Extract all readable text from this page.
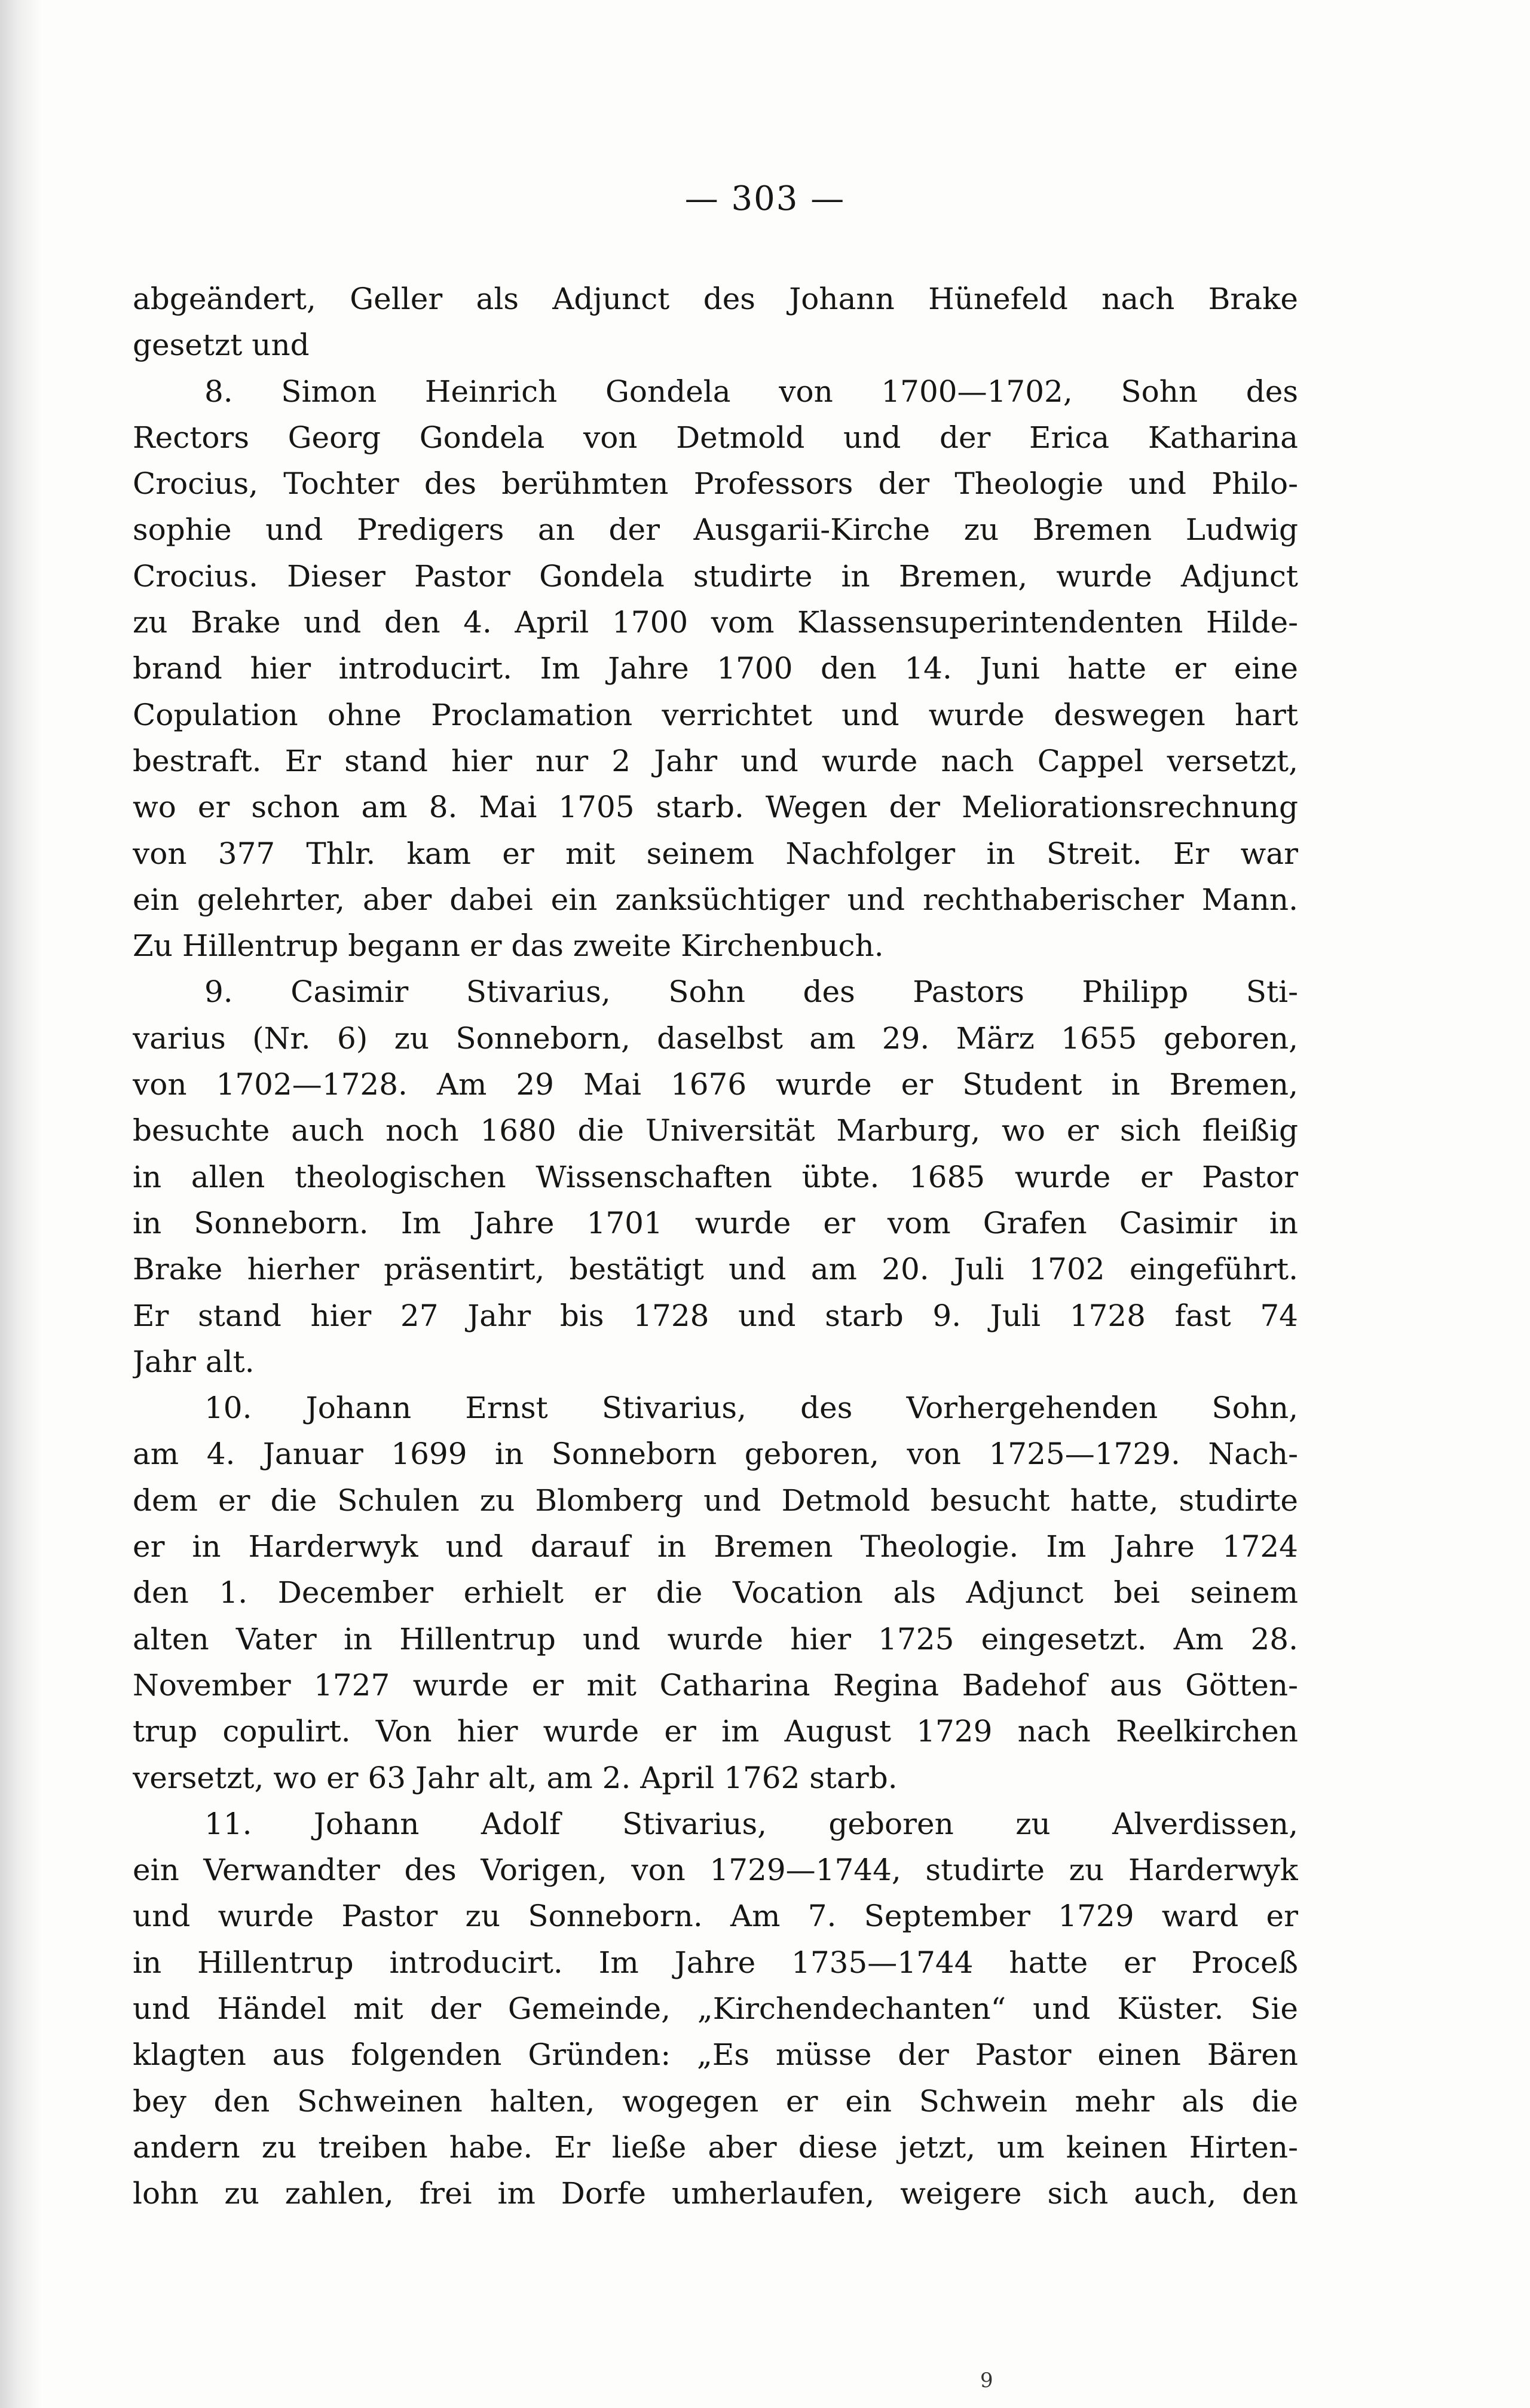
— 303 —
abgeändert, Geller als Adjunct des Johann Hünefeld nach Brake
gesetzt und
8. Simon Heinrich Gondela von 1700—1702, Sohn des
Rectors Georg Gondela von Detmold und der Erica Katharina
Crocius, Tochter des berühmten Professors der Theologie und Philo-
sophie und Predigers an der Ausgarii-Kirche zu Bremen Ludwig
Crocius. Dieser Pastor Gondela studirte in Bremen, wurde Adjunct
zu Brake und den 4. April 1700 vom Klassensuperintendenten Hilde-
brand hier introducirt. Im Jahre 1700 den 14. Juni hatte er eine
Copulation ohne Proclamation verrichtet und wurde deswegen hart
bestraft. Er stand hier nur 2 Jahr und wurde nach Cappel versetzt,
wo er schon am 8. Mai 1705 starb. Wegen der Meliorationsrechnung
von 377 Thlr. kam er mit seinem Nachfolger in Streit. Er war
ein gelehrter, aber dabei ein zanksüchtiger und rechthaberischer Mann.
Zu Hillentrup begann er das zweite Kirchenbuch.
9. Casimir Stivarius, Sohn des Pastors Philipp Sti-
varius (Nr. 6) zu Sonneborn, daselbst am 29. März 1655 geboren,
von 1702—1728. Am 29 Mai 1676 wurde er Student in Bremen,
besuchte auch noch 1680 die Universität Marburg, wo er sich fleißig
in allen theologischen Wissenschaften übte. 1685 wurde er Pastor
in Sonneborn. Im Jahre 1701 wurde er vom Grafen Casimir in
Brake hierher präsentirt, bestätigt und am 20. Juli 1702 eingeführt.
Er stand hier 27 Jahr bis 1728 und starb 9. Juli 1728 fast 74
Jahr alt.
10. Johann Ernst Stivarius, des Vorhergehenden Sohn,
am 4. Januar 1699 in Sonneborn geboren, von 1725—1729. Nach-
dem er die Schulen zu Blomberg und Detmold besucht hatte, studirte
er in Harderwyk und darauf in Bremen Theologie. Im Jahre 1724
den 1. December erhielt er die Vocation als Adjunct bei seinem
alten Vater in Hillentrup und wurde hier 1725 eingesetzt. Am 28.
November 1727 wurde er mit Catharina Regina Badehof aus Götten-
trup copulirt. Von hier wurde er im August 1729 nach Reelkirchen
versetzt, wo er 63 Jahr alt, am 2. April 1762 starb.
11. Johann Adolf Stivarius, geboren zu Alverdissen,
ein Verwandter des Vorigen, von 1729—1744, studirte zu Harderwyk
und wurde Pastor zu Sonneborn. Am 7. September 1729 ward er
in Hillentrup introducirt. Im Jahre 1735—1744 hatte er Proceß
und Händel mit der Gemeinde, „Kirchendechanten“ und Küster. Sie
klagten aus folgenden Gründen: „Es müsse der Pastor einen Bären
bey den Schweinen halten, wogegen er ein Schwein mehr als die
andern zu treiben habe. Er ließe aber diese jetzt, um keinen Hirten-
lohn zu zahlen, frei im Dorfe umherlaufen, weigere sich auch, den
9
